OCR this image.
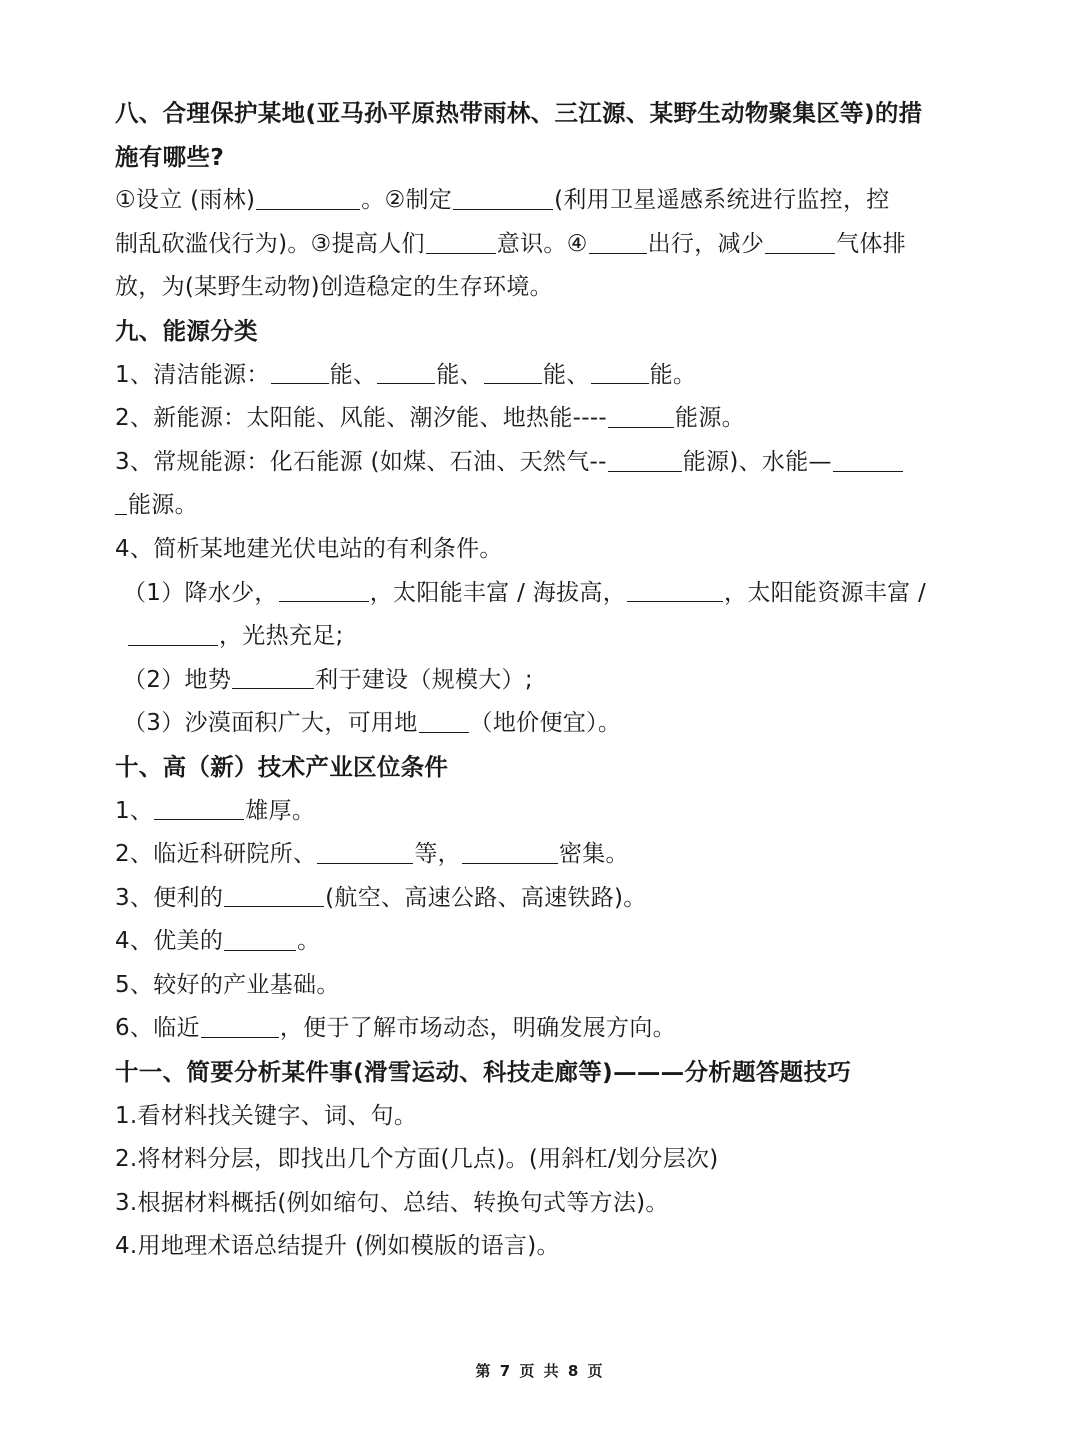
八、合理保护某地(亚马孙平原热带雨林、三江源、某野生动物聚集区等)的措
施有哪些?
①设立 (雨林)	。②制定	(利用卫星遥感系统进行监控，控
制乱砍滥伐行为)。③提高人们	意识。④	出行，减少	气体排
放，为(某野生动物)创造稳定的生存环境。
九、能源分类
1、清洁能源：	能、	能、	能、	能。
2、新能源：太阳能、风能、潮汐能、地热能----	能源。
3、常规能源：化石能源 (如煤、石油、天然气--	能源)、水能—
能源。
4、简析某地建光伏电站的有利条件。
（1）降水少，	，太阳能丰富 / 海拔高，	，太阳能资源丰富 /
，光热充足;
（2）地势	利于建设（规模大）;
（3）沙漠面积广大，可用地 （地价便宜）。
十、高（新）技术产业区位条件
1、	雄厚。
2、临近科研院所、	等，	密集。
3、便利的	(航空、高速公路、高速铁路)。
4、优美的	。
5、较好的产业基础。
6、临近	，便于了解市场动态，明确发展方向。
十一、简要分析某件事(滑雪运动、科技走廊等)———分析题答题技巧
1.看材料找关键字、词、句。
2.将材料分层，即找出几个方面(几点)。(用斜杠/划分层次)
3.根据材料概括(例如缩句、总结、转换句式等方法)。
4.用地理术语总结提升 (例如模版的语言)。
第 7 页 共 8 页
